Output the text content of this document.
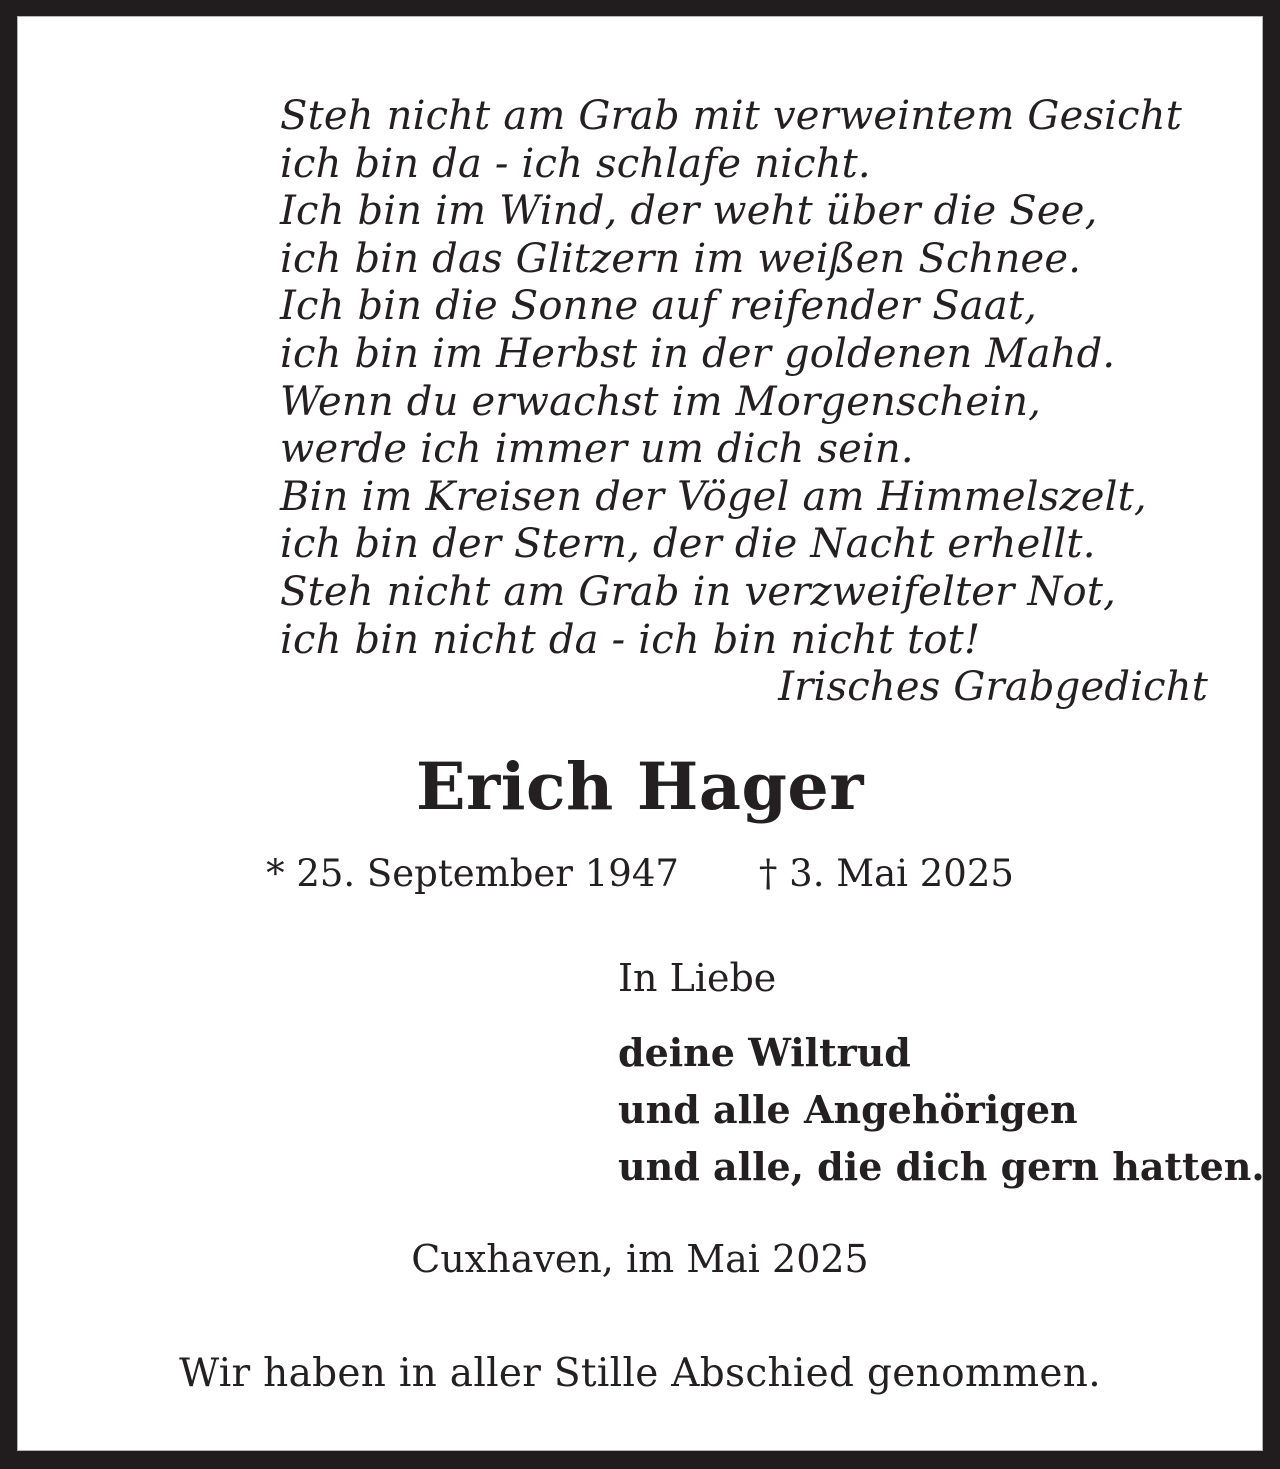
Steh nicht am Grab mit verweintem Gesicht
ich bin da - ich schlafe nicht.
Ich bin im Wind, der weht über die See,
ich bin das Glitzern im weißen Schnee.
Ich bin die Sonne auf reifender Saat,
ich bin im Herbst in der goldenen Mahd.
Wenn du erwachst im Morgenschein,
werde ich immer um dich sein.
Bin im Kreisen der Vögel am Himmelszelt,
ich bin der Stern, der die Nacht erhellt.
Steh nicht am Grab in verzweifelter Not,
ich bin nicht da - ich bin nicht tot!
Irisches Grabgedicht
Erich Hager
* 25. September 1947 † 3. Mai 2025
In Liebe
deine Wiltrud
und alle Angehörigen
und alle, die dich gern hatten.
Cuxhaven, im Mai 2025
Wir haben in aller Stille Abschied genommen.
